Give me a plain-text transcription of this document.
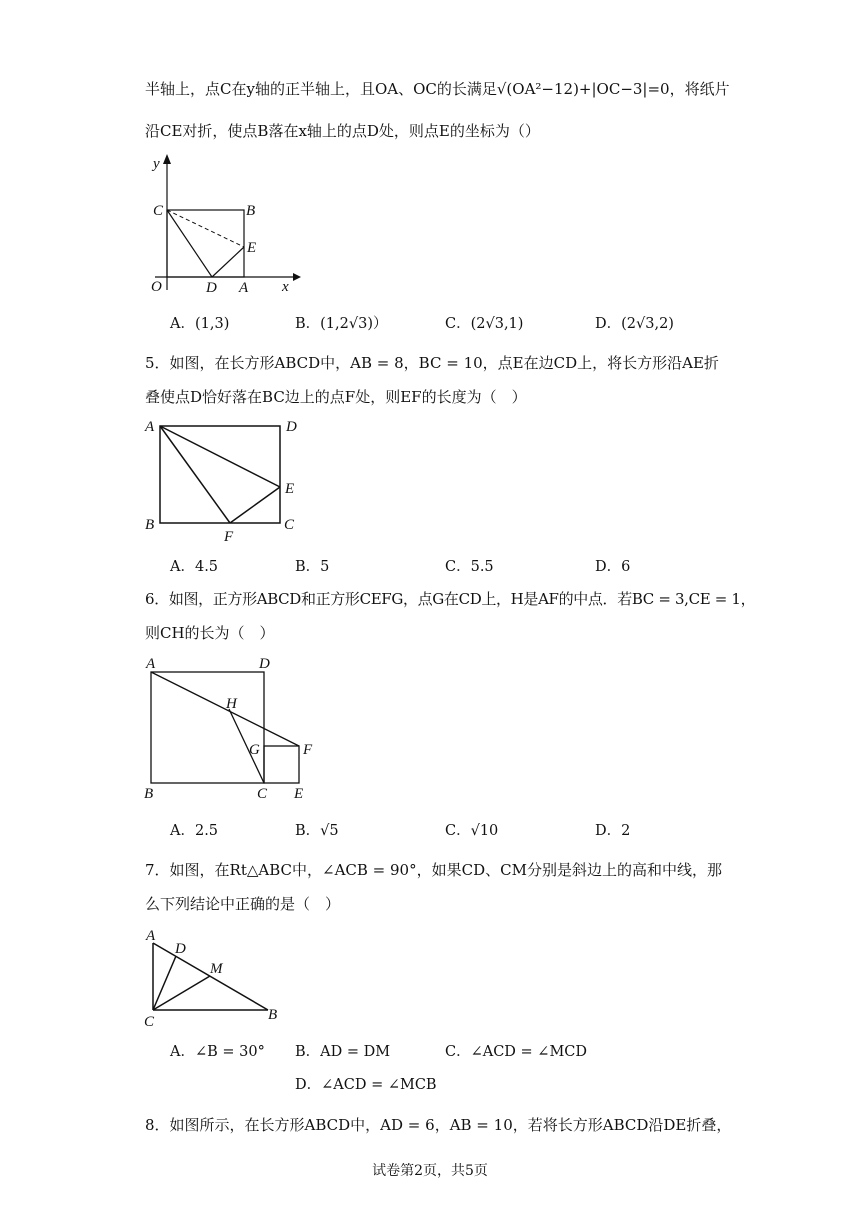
半轴上，点C在y轴的正半轴上，且OA、OC的长满足√(OA²−12)+|OC−3|=0，将纸片
沿CE对折，使点B落在x轴上的点D处，则点E的坐标为（）
y
x
O
C	B
E
D A
A．(1,3)	B．(1,2√3)）	C．(2√3,1)	D．(2√3,2)
5．如图，在长方形ABCD中，AB = 8，BC = 10，点E在边CD上，将长方形沿AE折
叠使点D恰好落在BC边上的点F处，则EF的长度为（　）
A	D
E
B
F
C
A．4.5	B．5	C．5.5	D．6
6．如图，正方形ABCD和正方形CEFG，点G在CD上，H是AF的中点．若BC = 3,CE = 1，
则CH的长为（　）
A	D
H
G	F
B	C E
A．2.5	B．√5	C．√10	D．2
7．如图，在Rt△ABC中，∠ACB = 90°，如果CD、CM分别是斜边上的高和中线，那
么下列结论中正确的是（　）
A
D
M
C	B
A．∠B = 30° B．AD = DM	C．∠ACD = ∠MCD
D．∠ACD = ∠MCB
8．如图所示，在长方形ABCD中，AD = 6，AB = 10，若将长方形ABCD沿DE折叠，
试卷第2页，共5页
